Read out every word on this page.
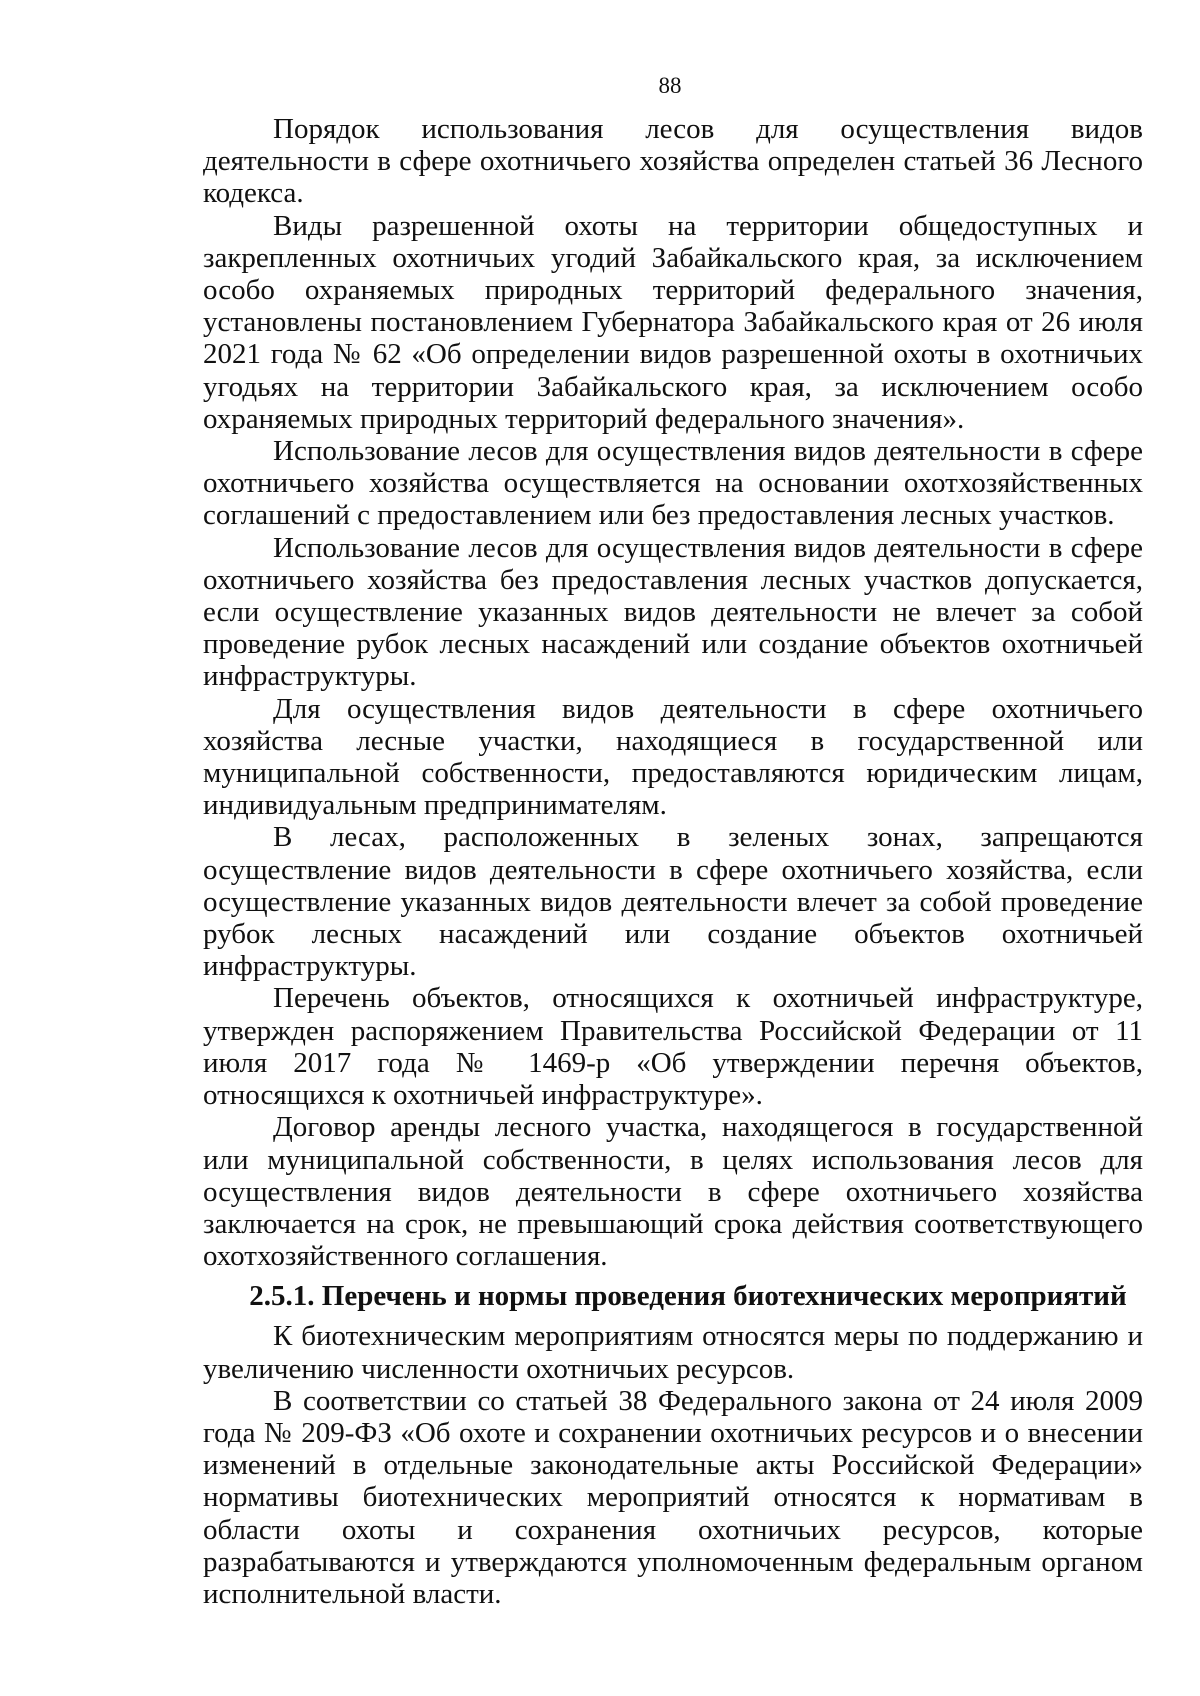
88

Порядок использования лесов для осуществления видов деятельности в сфере охотничьего хозяйства определен статьей 36 Лесного кодекса.

Виды разрешенной охоты на территории общедоступных и закрепленных охотничьих угодий Забайкальского края, за исключением особо охраняемых природных территорий федерального значения, установлены постановлением Губернатора Забайкальского края от 26 июля 2021 года № 62 «Об определении видов разрешенной охоты в охотничьих угодьях на территории Забайкальского края, за исключением особо охраняемых природных территорий федерального значения».

Использование лесов для осуществления видов деятельности в сфере охотничьего хозяйства осуществляется на основании охотхозяйственных соглашений с предоставлением или без предоставления лесных участков.

Использование лесов для осуществления видов деятельности в сфере охотничьего хозяйства без предоставления лесных участков допускается, если осуществление указанных видов деятельности не влечет за собой проведение рубок лесных насаждений или создание объектов охотничьей инфраструктуры.

Для осуществления видов деятельности в сфере охотничьего хозяйства лесные участки, находящиеся в государственной или муниципальной собственности, предоставляются юридическим лицам, индивидуальным предпринимателям.

В лесах, расположенных в зеленых зонах, запрещаются осуществление видов деятельности в сфере охотничьего хозяйства, если осуществление указанных видов деятельности влечет за собой проведение рубок лесных насаждений или создание объектов охотничьей инфраструктуры.

Перечень объектов, относящихся к охотничьей инфраструктуре, утвержден распоряжением Правительства Российской Федерации от 11 июля 2017 года № 1469-р «Об утверждении перечня объектов, относящихся к охотничьей инфраструктуре».

Договор аренды лесного участка, находящегося в государственной или муниципальной собственности, в целях использования лесов для осуществления видов деятельности в сфере охотничьего хозяйства заключается на срок, не превышающий срока действия соответствующего охотхозяйственного соглашения.

2.5.1. Перечень и нормы проведения биотехнических мероприятий

К биотехническим мероприятиям относятся меры по поддержанию и увеличению численности охотничьих ресурсов.

В соответствии со статьей 38 Федерального закона от 24 июля 2009 года № 209-ФЗ «Об охоте и сохранении охотничьих ресурсов и о внесении изменений в отдельные законодательные акты Российской Федерации» нормативы биотехнических мероприятий относятся к нормативам в области охоты и сохранения охотничьих ресурсов, которые разрабатываются и утверждаются уполномоченным федеральным органом исполнительной власти.
